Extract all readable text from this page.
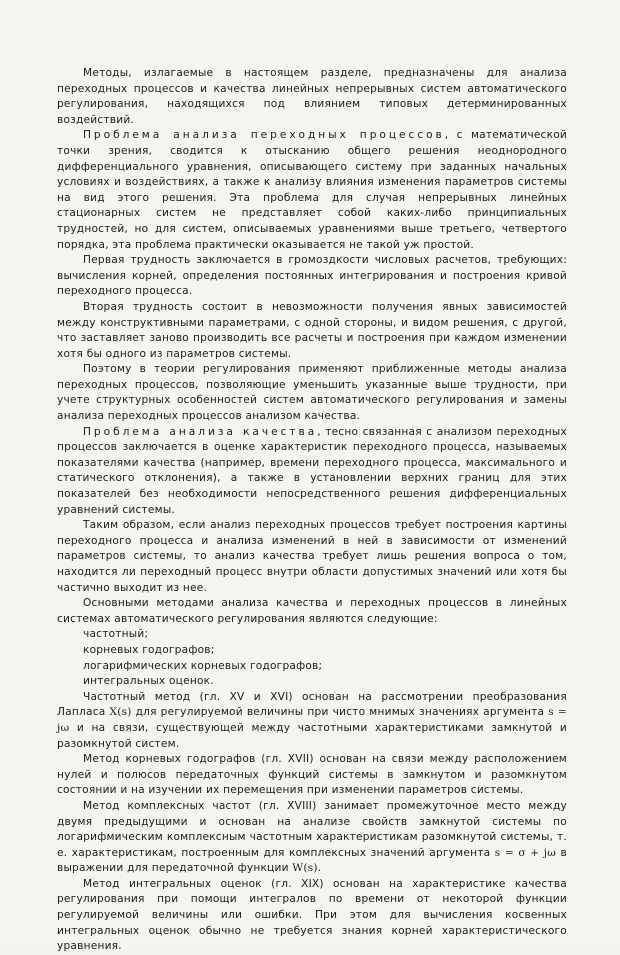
Методы, излагаемые в настоящем разделе, предназначены для анализа переходных процессов и качества линейных непрерывных систем автоматического регулирования, находящихся под влиянием типовых детерминированных воздействий.

Проблема анализа переходных процессов, с математической точки зрения, сводится к отысканию общего решения неоднородного дифференциального уравнения, описывающего систему при заданных начальных условиях и воздействиях, а также к анализу влияния изменения параметров системы на вид этого решения. Эта проблема для случая непрерывных линейных стационарных систем не представляет собой каких-либо принципиальных трудностей, но для систем, описываемых уравнениями выше третьего, четвертого порядка, эта проблема практически оказывается не такой уж простой.

Первая трудность заключается в громоздкости числовых расчетов, требующих: вычисления корней, определения постоянных интегрирования и построения кривой переходного процесса.

Вторая трудность состоит в невозможности получения явных зависимостей между конструктивными параметрами, с одной стороны, и видом решения, с другой, что заставляет заново производить все расчеты и построения при каждом изменении хотя бы одного из параметров системы.

Поэтому в теории регулирования применяют приближенные методы анализа переходных процессов, позволяющие уменьшить указанные выше трудности, при учете структурных особенностей систем автоматического регулирования и замены анализа переходных процессов анализом качества.

Проблема анализа качества, тесно связанная с анализом переходных процессов заключается в оценке характеристик переходного процесса, называемых показателями качества (например, времени переходного процесса, максимального и статического отклонения), а также в установлении верхних границ для этих показателей без необходимости непосредственного решения дифференциальных уравнений системы.

Таким образом, если анализ переходных процессов требует построения картины переходного процесса и анализа изменений в ней в зависимости от изменений параметров системы, то анализ качества требует лишь решения вопроса о том, находится ли переходный процесс внутри области допустимых значений или хотя бы частично выходит из нее.

Основными методами анализа качества и переходных процессов в линейных системах автоматического регулирования являются следующие:

частотный;

корневых годографов;

логарифмических корневых годографов;

интегральных оценок.

Частотный метод (гл. XV и XVI) основан на рассмотрении преобразования Лапласа X(s) для регулируемой величины при чисто мнимых значениях аргумента s = jω и на связи, существующей между частотными характеристиками замкнутой и разомкнутой систем.

Метод корневых годографов (гл. XVII) основан на связи между расположением нулей и полюсов передаточных функций системы в замкнутом и разомкнутом состоянии и на изучении их перемещения при изменении параметров системы.

Метод комплексных частот (гл. XVIII) занимает промежуточное место между двумя предыдущими и основан на анализе свойств замкнутой системы по логарифмическим комплексным частотным характеристикам разомкнутой системы, т. е. характеристикам, построенным для комплексных значений аргумента s = σ + jω в выражении для передаточной функции W(s).

Метод интегральных оценок (гл. XIX) основан на характеристике качества регулирования при помощи интегралов по времени от некоторой функции регулируемой величины или ошибки. При этом для вычисления косвенных интегральных оценок обычно не требуется знания корней характеристического уравнения.
